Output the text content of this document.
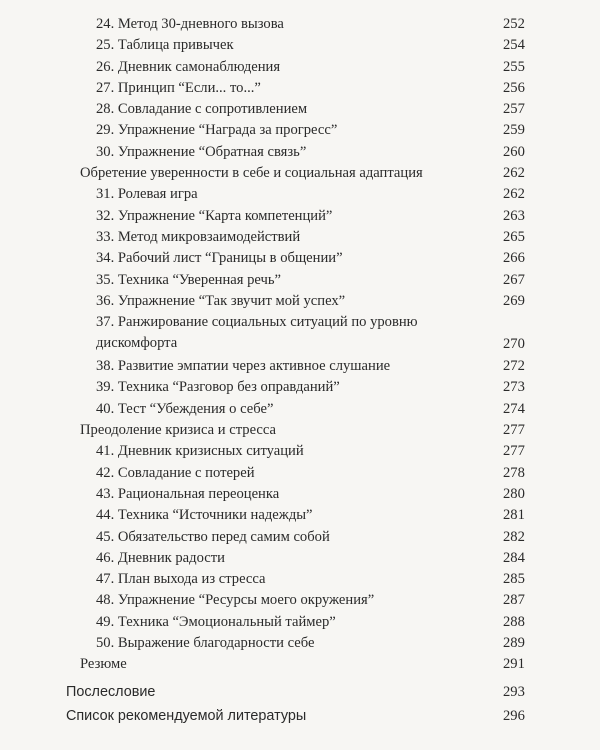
24. Метод 30-дневного вызова	252
25. Таблица привычек	254
26. Дневник самонаблюдения	255
27. Принцип “Если... то...”	256
28. Совладание с сопротивлением	257
29. Упражнение “Награда за прогресс”	259
30. Упражнение “Обратная связь”	260
Обретение уверенности в себе и социальная адаптация	262
31. Ролевая игра	262
32. Упражнение “Карта компетенций”	263
33. Метод микровзаимодействий	265
34. Рабочий лист “Границы в общении”	266
35. Техника “Уверенная речь”	267
36. Упражнение “Так звучит мой успех”	269
37. Ранжирование социальных ситуаций по уровню дискомфорта	270
38. Развитие эмпатии через активное слушание	272
39. Техника “Разговор без оправданий”	273
40. Тест “Убеждения о себе”	274
Преодоление кризиса и стресса	277
41. Дневник кризисных ситуаций	277
42. Совладание с потерей	278
43. Рациональная переоценка	280
44. Техника “Источники надежды”	281
45. Обязательство перед самим собой	282
46. Дневник радости	284
47. План выхода из стресса	285
48. Упражнение “Ресурсы моего окружения”	287
49. Техника “Эмоциональный таймер”	288
50. Выражение благодарности себе	289
Резюме	291
Послесловие	293
Список рекомендуемой литературы	296
